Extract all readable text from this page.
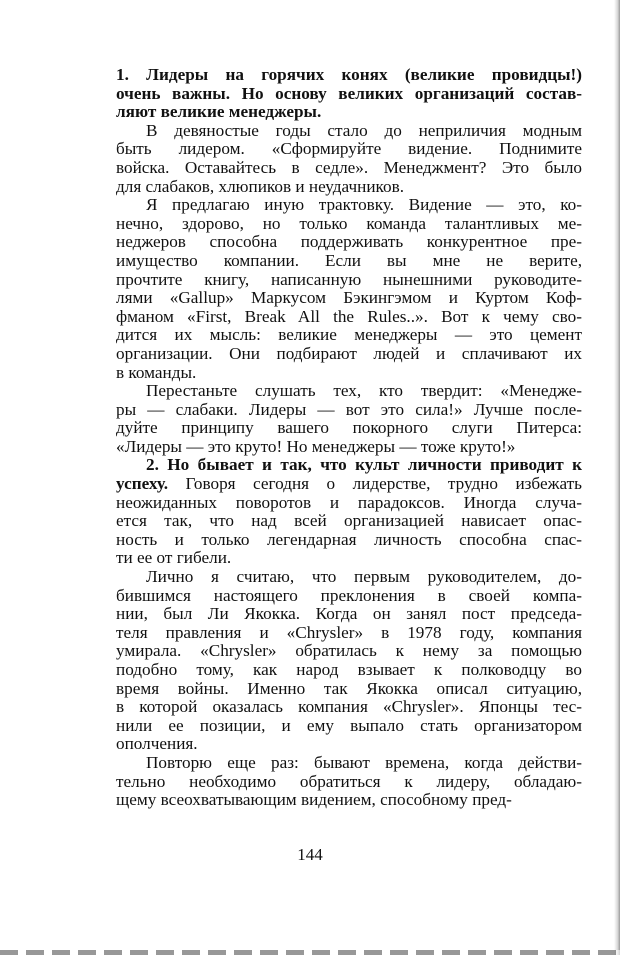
1. Лидеры на горячих конях (великие провидцы!)
очень важны. Но основу великих организаций состав-
ляют великие менеджеры.
В девяностые годы стало до неприличия модным
быть лидером. «Сформируйте видение. Поднимите
войска. Оставайтесь в седле». Менеджмент? Это было
для слабаков, хлюпиков и неудачников.
Я предлагаю иную трактовку. Видение — это, ко-
нечно, здорово, но только команда талантливых ме-
неджеров способна поддерживать конкурентное пре-
имущество компании. Если вы мне не верите,
прочтите книгу, написанную нынешними руководите-
лями «Gallup» Маркусом Бэкингэмом и Куртом Коф-
фманом «First, Break All the Rules..». Вот к чему сво-
дится их мысль: великие менеджеры — это цемент
организации. Они подбирают людей и сплачивают их
в команды.
Перестаньте слушать тех, кто твердит: «Менедже-
ры — слабаки. Лидеры — вот это сила!» Лучше после-
дуйте принципу вашего покорного слуги Питерса:
«Лидеры — это круто! Но менеджеры — тоже круто!»
2. Но бывает и так, что культ личности приводит к
успеху. Говоря сегодня о лидерстве, трудно избежать
неожиданных поворотов и парадоксов. Иногда случа-
ется так, что над всей организацией нависает опас-
ность и только легендарная личность способна спас-
ти ее от гибели.
Лично я считаю, что первым руководителем, до-
бившимся настоящего преклонения в своей компа-
нии, был Ли Якокка. Когда он занял пост председа-
теля правления и «Chrysler» в 1978 году, компания
умирала. «Chrysler» обратилась к нему за помощью
подобно тому, как народ взывает к полководцу во
время войны. Именно так Якокка описал ситуацию,
в которой оказалась компания «Chrysler». Японцы тес-
нили ее позиции, и ему выпало стать организатором
ополчения.
Повторю еще раз: бывают времена, когда действи-
тельно необходимо обратиться к лидеру, обладаю-
щему всеохватывающим видением, способному пред-
144
